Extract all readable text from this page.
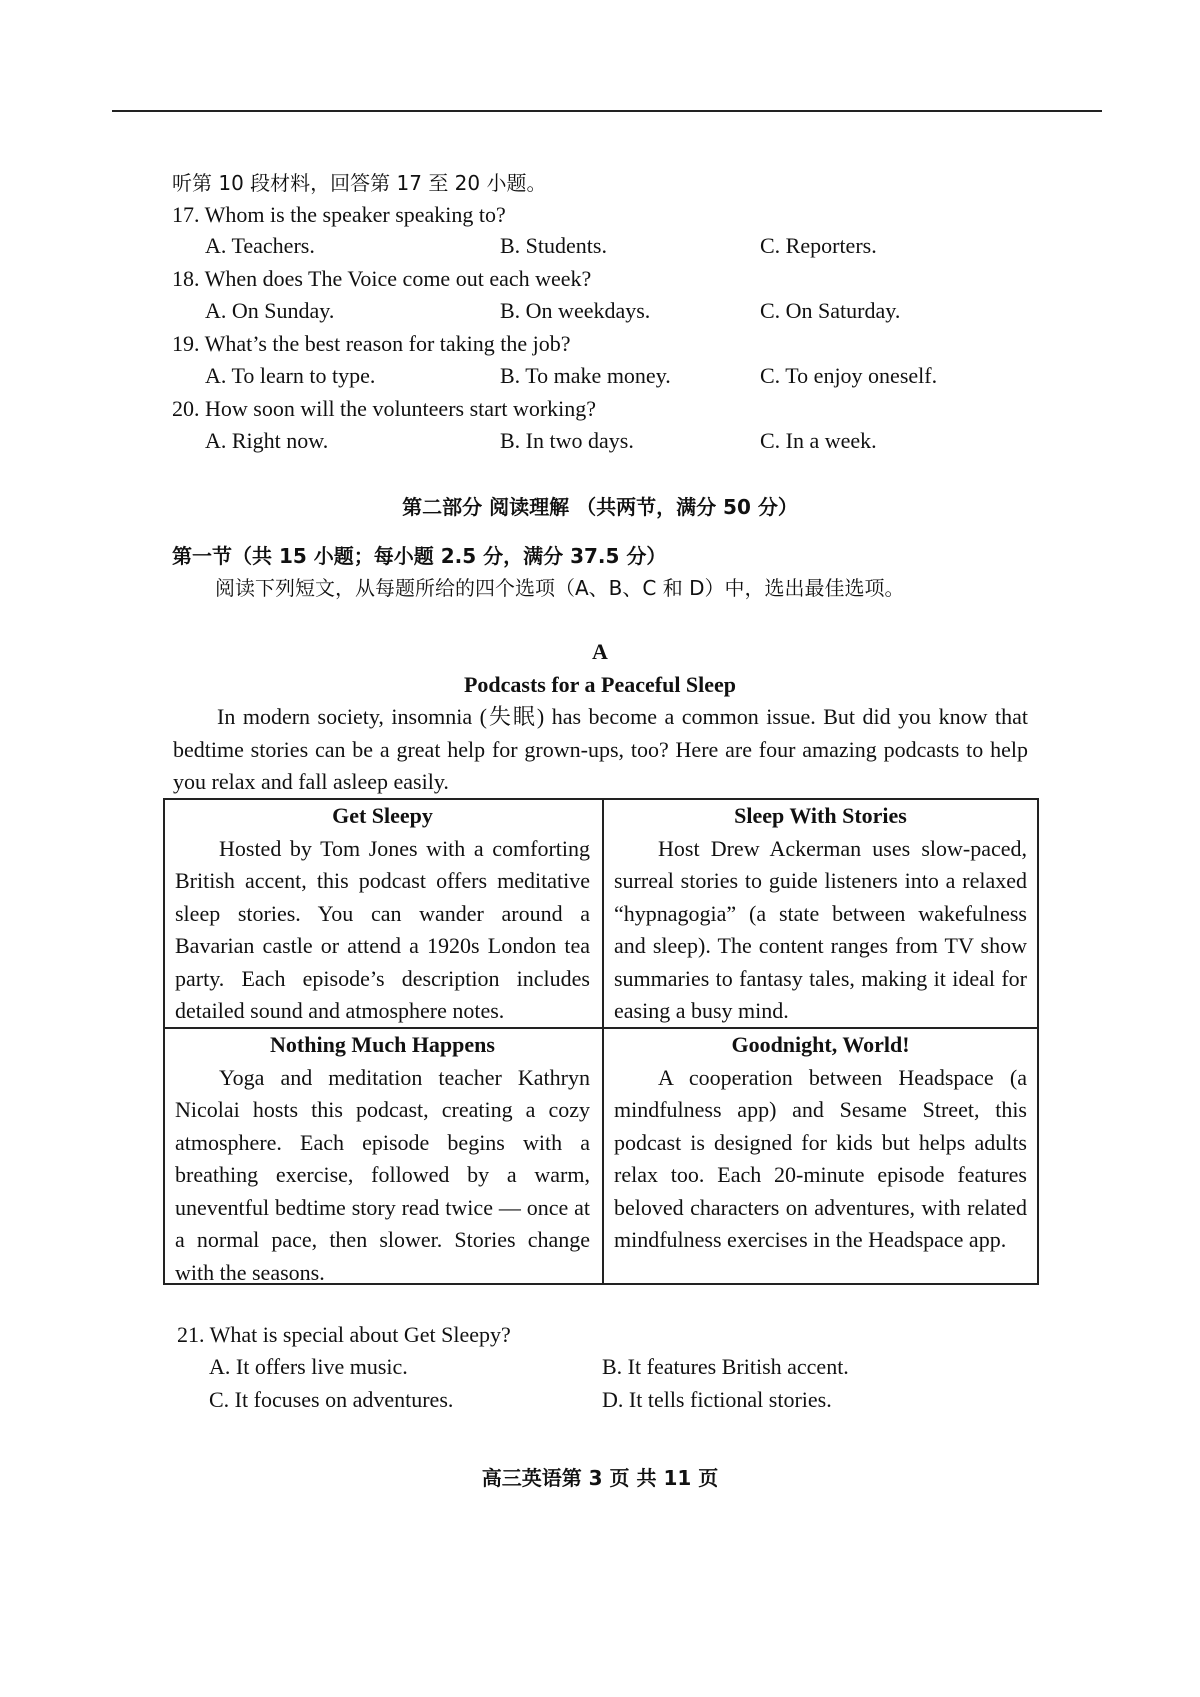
听第 10 段材料，回答第 17 至 20 小题。
17. Whom is the speaker speaking to?
A. Teachers.	B. Students.	C. Reporters.
18. When does The Voice come out each week?
A. On Sunday.	B. On weekdays.	C. On Saturday.
19. What’s the best reason for taking the job?
A. To learn to type.	B. To make money.	C. To enjoy oneself.
20. How soon will the volunteers start working?
A. Right now.	B. In two days.	C. In a week.
第二部分 阅读理解 （共两节，满分 50 分）
第一节（共 15 小题；每小题 2.5 分，满分 37.5 分）
阅读下列短文，从每题所给的四个选项（A、B、C 和 D）中，选出最佳选项。
A
Podcasts for a Peaceful Sleep
In modern society, insomnia (失眠) has become a common issue. But did you know that bedtime stories can be a great help for grown-ups, too? Here are four amazing podcasts to help you relax and fall asleep easily.
Get Sleepy

Hosted by Tom Jones with a comforting British accent, this podcast offers meditative sleep stories. You can wander around a Bavarian castle or attend a 1920s London tea party. Each episode’s description includes detailed sound and atmosphere notes.

Sleep With Stories

Host Drew Ackerman uses slow-paced, surreal stories to guide listeners into a relaxed “hypnagogia” (a state between wakefulness and sleep). The content ranges from TV show summaries to fantasy tales, making it ideal for easing a busy mind.

Nothing Much Happens

Yoga and meditation teacher Kathryn Nicolai hosts this podcast, creating a cozy atmosphere. Each episode begins with a breathing exercise, followed by a warm, uneventful bedtime story read twice — once at a normal pace, then slower. Stories change with the seasons.

Goodnight, World!

A cooperation between Headspace (a mindfulness app) and Sesame Street, this podcast is designed for kids but helps adults relax too. Each 20-minute episode features beloved characters on adventures, with related mindfulness exercises in the Headspace app.

21. What is special about Get Sleepy?
A. It offers live music.	B. It features British accent.
C. It focuses on adventures.	D. It tells fictional stories.
高三英语第 3 页 共 11 页
